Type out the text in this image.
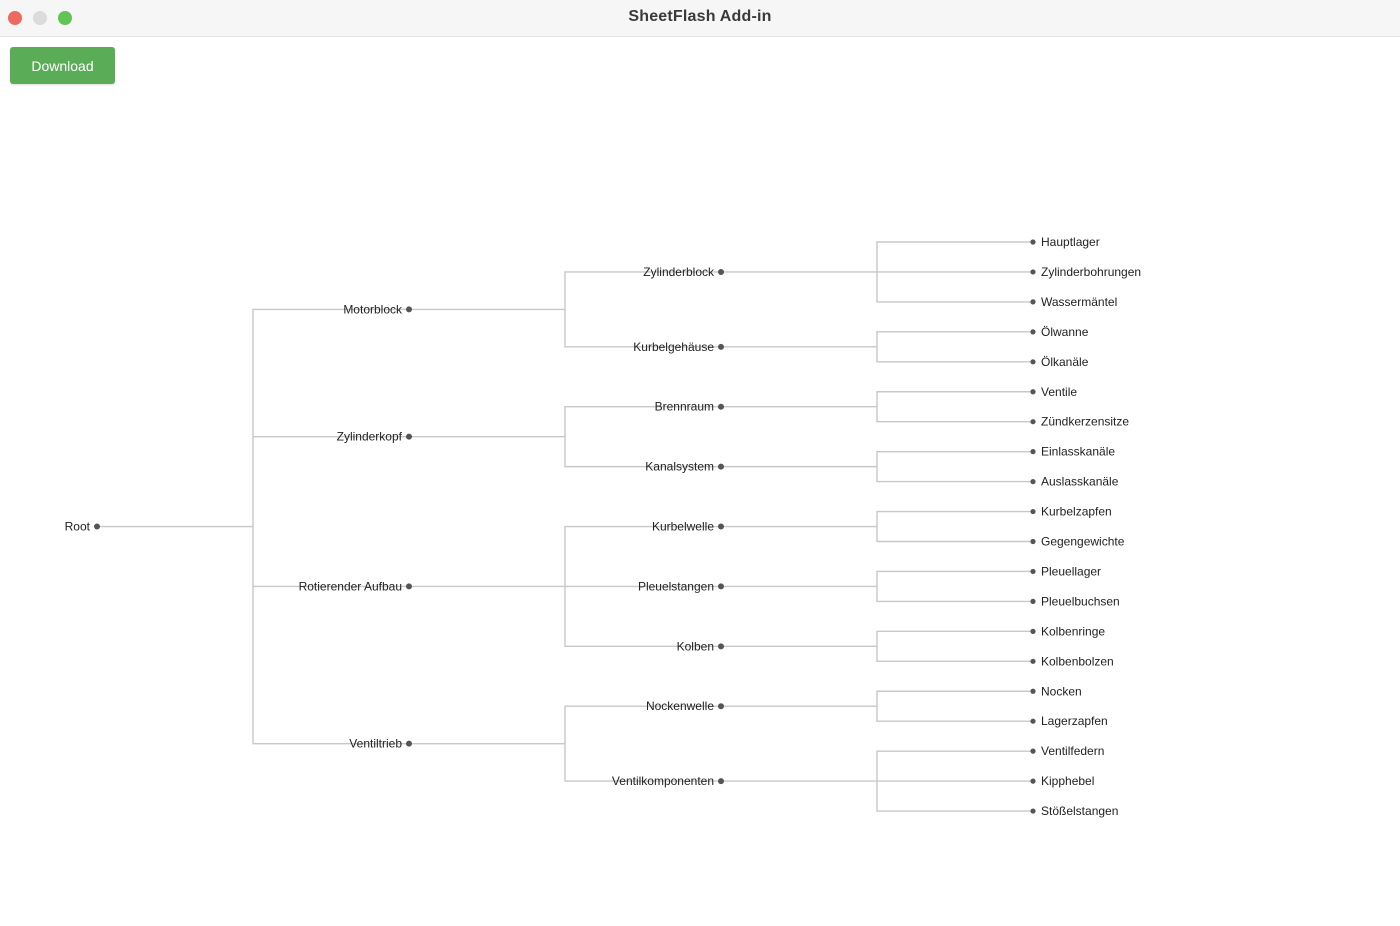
SheetFlash Add-in
Download
Hauptlager
Zylinderbohrungen
Wassermäntel
Zylinderblock
Ölwanne
Ölkanäle
Kurbelgehäuse
Motorblock
Ventile
Zündkerzensitze
Brennraum
Einlasskanäle
Auslasskanäle
Kanalsystem
Zylinderkopf
Kurbelzapfen
Gegengewichte
Kurbelwelle
Pleuellager
Pleuelbuchsen
Pleuelstangen
Kolbenringe
Kolbenbolzen
Kolben
Rotierender Aufbau
Nocken
Lagerzapfen
Nockenwelle
Ventilfedern
Kipphebel
Stößelstangen
Ventilkomponenten
Ventiltrieb
Root
